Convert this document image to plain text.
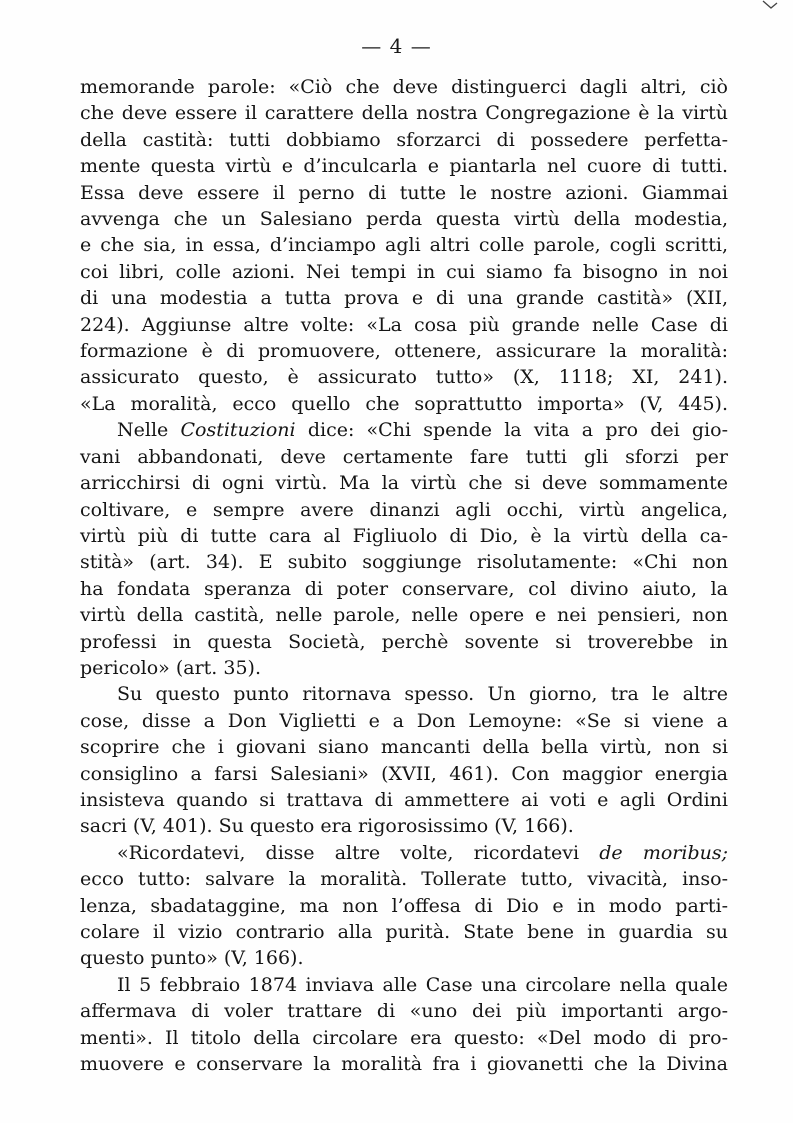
— 4 —

memorande parole: «Ciò che deve distinguerci dagli altri, ciò

che deve essere il carattere della nostra Congregazione è la virtù

della castità: tutti dobbiamo sforzarci di possedere perfetta-

mente questa virtù e d’inculcarla e piantarla nel cuore di tutti.

Essa deve essere il perno di tutte le nostre azioni. Giammai

avvenga che un Salesiano perda questa virtù della modestia,

e che sia, in essa, d’inciampo agli altri colle parole, cogli scritti,

coi libri, colle azioni. Nei tempi in cui siamo fa bisogno in noi

di una modestia a tutta prova e di una grande castità» (XII,

224). Aggiunse altre volte: «La cosa più grande nelle Case di

formazione è di promuovere, ottenere, assicurare la moralità:

assicurato questo, è assicurato tutto» (X, 1118; XI, 241).

«La moralità, ecco quello che soprattutto importa» (V, 445).

Nelle Costituzioni dice: «Chi spende la vita a pro dei gio-

vani abbandonati, deve certamente fare tutti gli sforzi per

arricchirsi di ogni virtù. Ma la virtù che si deve sommamente

coltivare, e sempre avere dinanzi agli occhi, virtù angelica,

virtù più di tutte cara al Figliuolo di Dio, è la virtù della ca-

stità» (art. 34). E subito soggiunge risolutamente: «Chi non

ha fondata speranza di poter conservare, col divino aiuto, la

virtù della castità, nelle parole, nelle opere e nei pensieri, non

professi in questa Società, perchè sovente si troverebbe in

pericolo» (art. 35).

Su questo punto ritornava spesso. Un giorno, tra le altre

cose, disse a Don Viglietti e a Don Lemoyne: «Se si viene a

scoprire che i giovani siano mancanti della bella virtù, non si

consiglino a farsi Salesiani» (XVII, 461). Con maggior energia

insisteva quando si trattava di ammettere ai voti e agli Ordini

sacri (V, 401). Su questo era rigorosissimo (V, 166).

«Ricordatevi, disse altre volte, ricordatevi de moribus;

ecco tutto: salvare la moralità. Tollerate tutto, vivacità, inso-

lenza, sbadataggine, ma non l’offesa di Dio e in modo parti-

colare il vizio contrario alla purità. State bene in guardia su

questo punto» (V, 166).

Il 5 febbraio 1874 inviava alle Case una circolare nella quale

affermava di voler trattare di «uno dei più importanti argo-

menti». Il titolo della circolare era questo: «Del modo di pro-

muovere e conservare la moralità fra i giovanetti che la Divina
